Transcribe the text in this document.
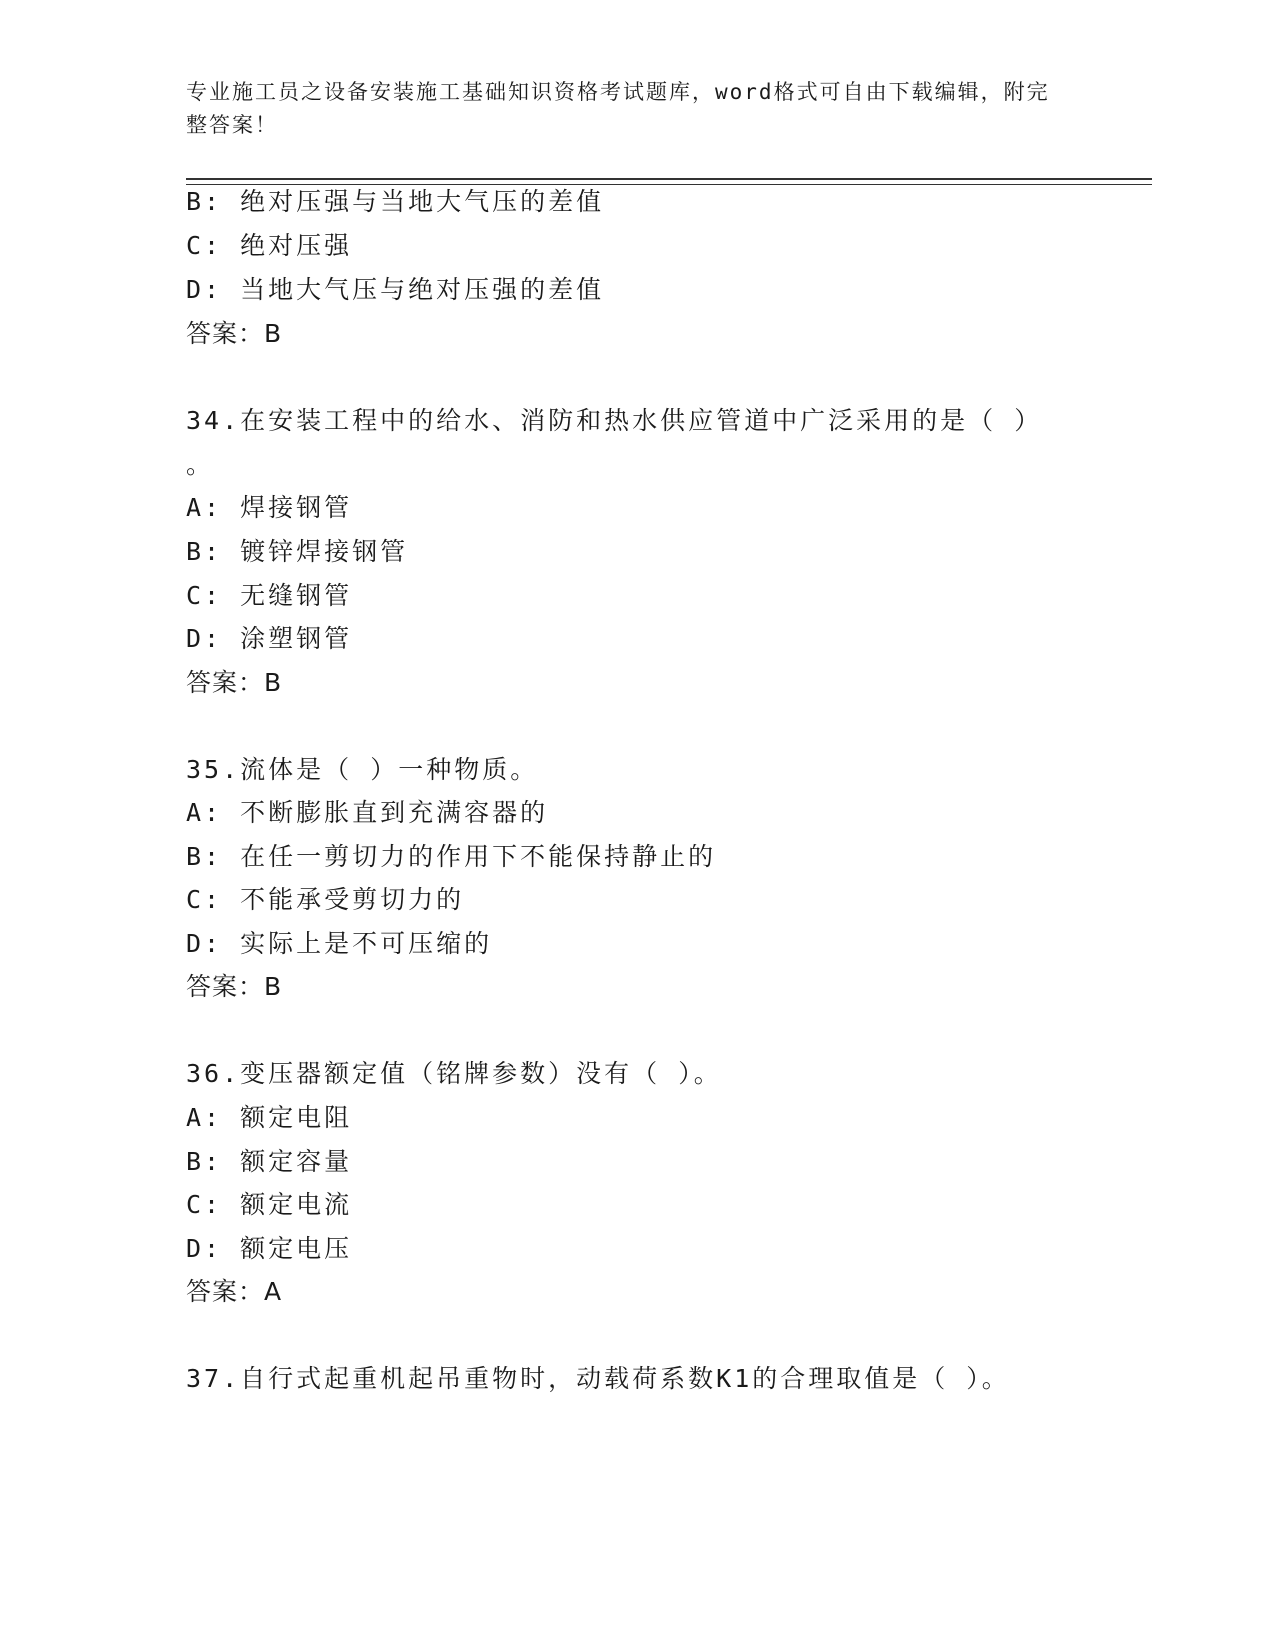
专业施工员之设备安装施工基础知识资格考试题库，word格式可自由下载编辑，附完整答案！
B: 绝对压强与当地大气压的差值
C: 绝对压强
D: 当地大气压与绝对压强的差值
答案：B
34.在安装工程中的给水、消防和热水供应管道中广泛采用的是（ ）
。
A: 焊接钢管
B: 镀锌焊接钢管
C: 无缝钢管
D: 涂塑钢管
答案：B
35.流体是（ ）一种物质。
A: 不断膨胀直到充满容器的
B: 在任一剪切力的作用下不能保持静止的
C: 不能承受剪切力的
D: 实际上是不可压缩的
答案：B
36.变压器额定值（铭牌参数）没有（ ）。
A: 额定电阻
B: 额定容量
C: 额定电流
D: 额定电压
答案：A
37.自行式起重机起吊重物时，动载荷系数K1的合理取值是（ ）。
